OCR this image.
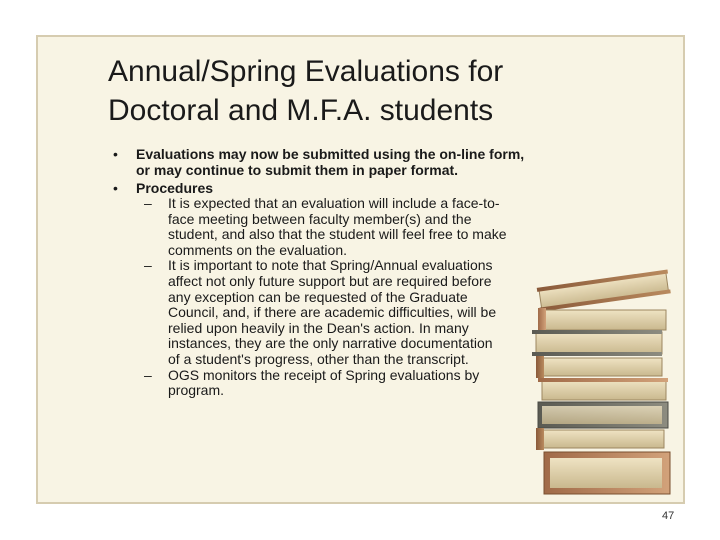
Annual/Spring Evaluations for
Doctoral and M.F.A. students
• Evaluations may now be submitted using the on-line form, or may continue to submit them in paper format.
• Procedures
– It is expected that an evaluation will include a face-to-face meeting between faculty member(s) and the student, and also that the student will feel free to make comments on the evaluation.
– It is important to note that Spring/Annual evaluations affect not only future support but are required before any exception can be requested of the Graduate Council, and, if there are academic difficulties, will be relied upon heavily in the Dean's action. In many instances, they are the only narrative documentation of a student's progress, other than the transcript.
– OGS monitors the receipt of Spring evaluations by program.
47
